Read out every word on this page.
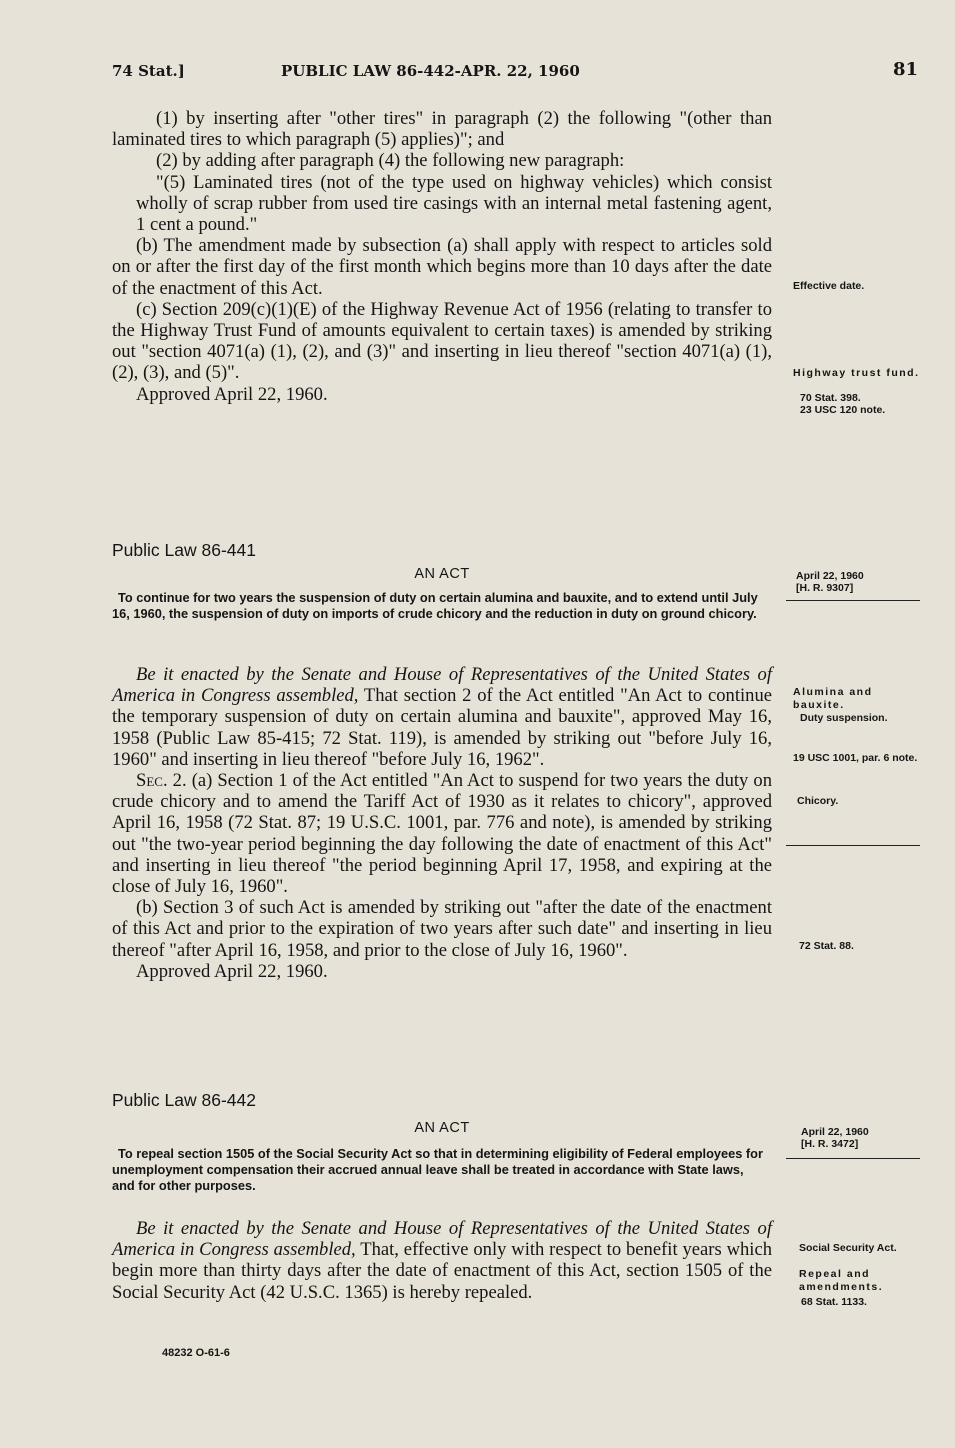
74 Stat.]	PUBLIC LAW 86-442-APR. 22, 1960	81

(1) by inserting after "other tires" in paragraph (2) the following "(other than laminated tires to which paragraph (5) applies)"; and

(2) by adding after paragraph (4) the following new paragraph:

"(5) Laminated tires (not of the type used on highway vehicles) which consist wholly of scrap rubber from used tire casings with an internal metal fastening agent, 1 cent a pound."

(b) The amendment made by subsection (a) shall apply with respect to articles sold on or after the first day of the first month which begins more than 10 days after the date of the enactment of this Act.

(c) Section 209(c)(1)(E) of the Highway Revenue Act of 1956 (relating to transfer to the Highway Trust Fund of amounts equivalent to certain taxes) is amended by striking out "section 4071(a) (1), (2), and (3)" and inserting in lieu thereof "section 4071(a) (1), (2), (3), and (5)".

Approved April 22, 1960.

Public Law 86-441
AN ACT
To continue for two years the suspension of duty on certain alumina and bauxite, and to extend until July 16, 1960, the suspension of duty on imports of crude chicory and the reduction in duty on ground chicory.

Be it enacted by the Senate and House of Representatives of the United States of America in Congress assembled, That section 2 of the Act entitled "An Act to continue the temporary suspension of duty on certain alumina and bauxite", approved May 16, 1958 (Public Law 85-415; 72 Stat. 119), is amended by striking out "before July 16, 1960" and inserting in lieu thereof "before July 16, 1962".

Sec. 2. (a) Section 1 of the Act entitled "An Act to suspend for two years the duty on crude chicory and to amend the Tariff Act of 1930 as it relates to chicory", approved April 16, 1958 (72 Stat. 87; 19 U.S.C. 1001, par. 776 and note), is amended by striking out "the two-year period beginning the day following the date of enactment of this Act" and inserting in lieu thereof "the period beginning April 17, 1958, and expiring at the close of July 16, 1960".

(b) Section 3 of such Act is amended by striking out "after the date of the enactment of this Act and prior to the expiration of two years after such date" and inserting in lieu thereof "after April 16, 1958, and prior to the close of July 16, 1960".

Approved April 22, 1960.

Public Law 86-442
AN ACT
To repeal section 1505 of the Social Security Act so that in determining eligibility of Federal employees for unemployment compensation their accrued annual leave shall be treated in accordance with State laws, and for other purposes.

Be it enacted by the Senate and House of Representatives of the United States of America in Congress assembled, That, effective only with respect to benefit years which begin more than thirty days after the date of enactment of this Act, section 1505 of the Social Security Act (42 U.S.C. 1365) is hereby repealed.

48232 O-61-6
Effective date.
Highway trust fund.
70 Stat. 398.
23 USC 120 note.
April 22, 1960
[H. R. 9307]
Alumina and bauxite.
Duty suspension.
19 USC 1001, par. 6 note.
Chicory.
72 Stat. 88.
April 22, 1960
[H. R. 3472]
Social Security Act.
Repeal and amendments.
68 Stat. 1133.
